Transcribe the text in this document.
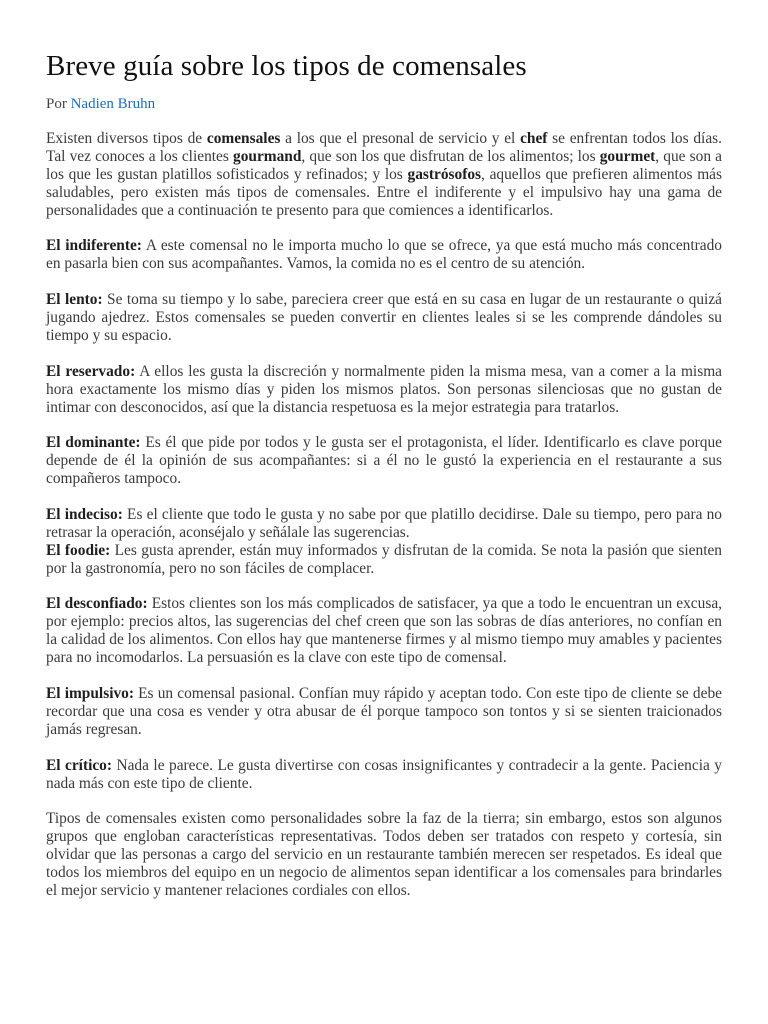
Breve guía sobre los tipos de comensales
Por Nadien Bruhn

Existen diversos tipos de comensales a los que el presonal de servicio y el chef se enfrentan todos los días. Tal vez conoces a los clientes gourmand, que son los que disfrutan de los alimentos; los gourmet, que son a los que les gustan platillos sofisticados y refinados; y los gastrósofos, aquellos que prefieren alimentos más saludables, pero existen más tipos de comensales. Entre el indiferente y el impulsivo hay una gama de personalidades que a continuación te presento para que comiences a identificarlos.

El indiferente: A este comensal no le importa mucho lo que se ofrece, ya que está mucho más concentrado en pasarla bien con sus acompañantes. Vamos, la comida no es el centro de su atención.

El lento: Se toma su tiempo y lo sabe, pareciera creer que está en su casa en lugar de un restaurante o quizá jugando ajedrez. Estos comensales se pueden convertir en clientes leales si se les comprende dándoles su tiempo y su espacio.

El reservado: A ellos les gusta la discreción y normalmente piden la misma mesa, van a comer a la misma hora exactamente los mismo días y piden los mismos platos. Son personas silenciosas que no gustan de intimar con desconocidos, así que la distancia respetuosa es la mejor estrategia para tratarlos.

El dominante: Es él que pide por todos y le gusta ser el protagonista, el líder. Identificarlo es clave porque depende de él la opinión de sus acompañantes: si a él no le gustó la experiencia en el restaurante a sus compañeros tampoco.

El indeciso: Es el cliente que todo le gusta y no sabe por que platillo decidirse. Dale su tiempo, pero para no retrasar la operación, aconséjalo y señálale las sugerencias.

El foodie: Les gusta aprender, están muy informados y disfrutan de la comida. Se nota la pasión que sienten por la gastronomía, pero no son fáciles de complacer.

El desconfiado: Estos clientes son los más complicados de satisfacer, ya que a todo le encuentran un excusa, por ejemplo: precios altos, las sugerencias del chef creen que son las sobras de días anteriores, no confían en la calidad de los alimentos. Con ellos hay que mantenerse firmes y al mismo tiempo muy amables y pacientes para no incomodarlos. La persuasión es la clave con este tipo de comensal.

El impulsivo: Es un comensal pasional. Confían muy rápido y aceptan todo. Con este tipo de cliente se debe recordar que una cosa es vender y otra abusar de él porque tampoco son tontos y si se sienten traicionados jamás regresan.

El crítico: Nada le parece. Le gusta divertirse con cosas insignificantes y contradecir a la gente. Paciencia y nada más con este tipo de cliente.

Tipos de comensales existen como personalidades sobre la faz de la tierra; sin embargo, estos son algunos grupos que engloban características representativas. Todos deben ser tratados con respeto y cortesía, sin olvidar que las personas a cargo del servicio en un restaurante también merecen ser respetados. Es ideal que todos los miembros del equipo en un negocio de alimentos sepan identificar a los comensales para brindarles el mejor servicio y mantener relaciones cordiales con ellos.
